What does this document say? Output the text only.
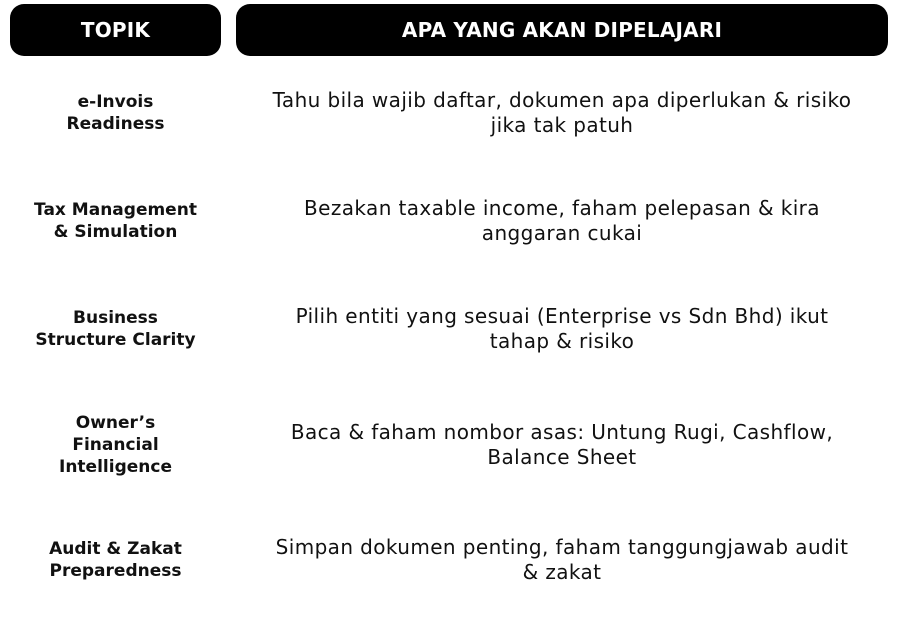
TOPIK	APA YANG AKAN DIPELAJARI
e-Invois
Readiness
Tahu bila wajib daftar, dokumen apa diperlukan & risiko
jika tak patuh
Tax Management
& Simulation
Bezakan taxable income, faham pelepasan & kira
anggaran cukai
Business
Structure Clarity
Pilih entiti yang sesuai (Enterprise vs Sdn Bhd) ikut
tahap & risiko
Owner’s
Financial
Intelligence
Baca & faham nombor asas: Untung Rugi, Cashflow,
Balance Sheet
Audit & Zakat
Preparedness
Simpan dokumen penting, faham tanggungjawab audit
& zakat
